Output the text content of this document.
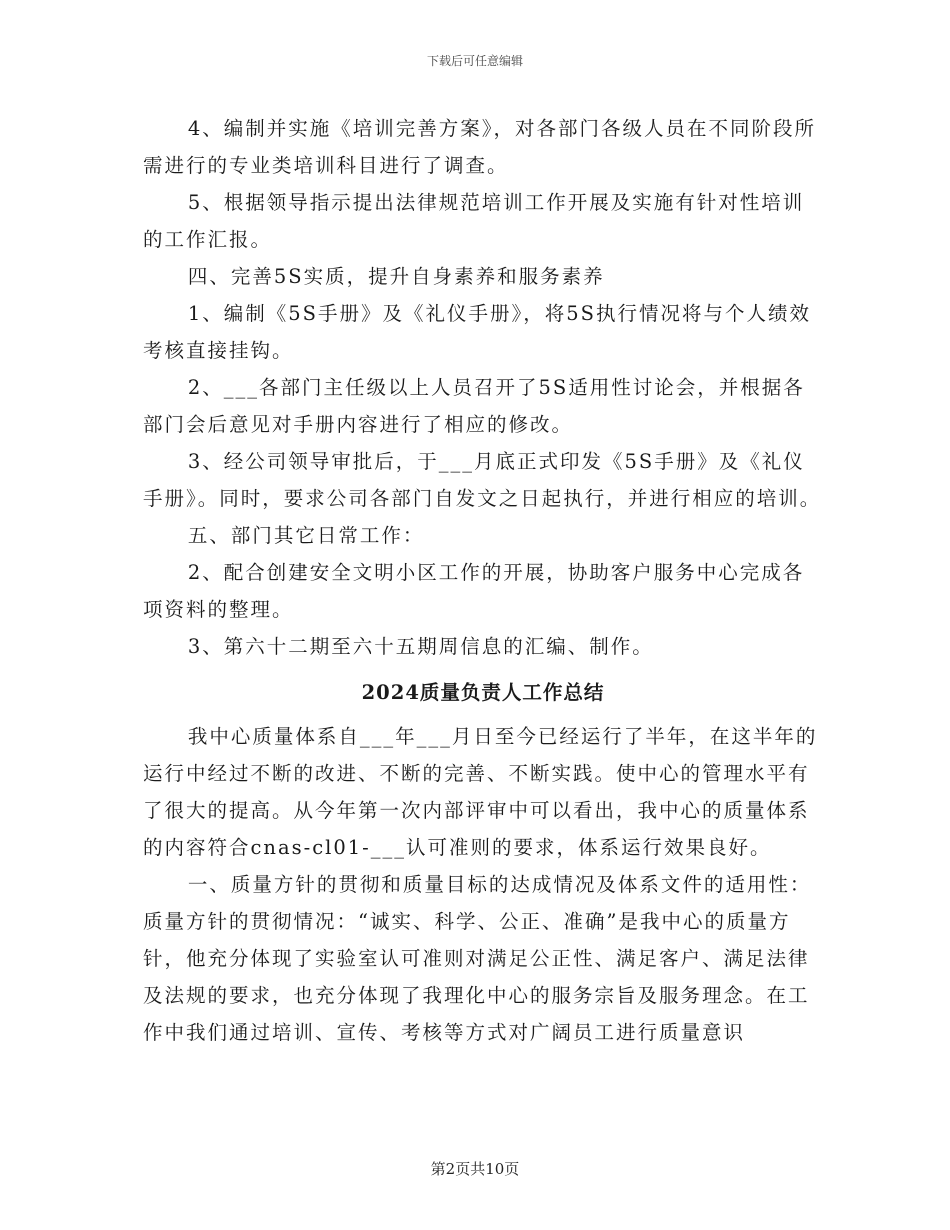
下载后可任意编辑

4、编制并实施《培训完善方案》，对各部门各级人员在不同阶段所需进行的专业类培训科目进行了调查。

5、根据领导指示提出法律规范培训工作开展及实施有针对性培训的工作汇报。

四、完善5S实质，提升自身素养和服务素养

1、编制《5S手册》及《礼仪手册》，将5S执行情况将与个人绩效考核直接挂钩。

2、___各部门主任级以上人员召开了5S适用性讨论会，并根据各部门会后意见对手册内容进行了相应的修改。

3、经公司领导审批后，于___月底正式印发《5S手册》及《礼仪手册》。同时，要求公司各部门自发文之日起执行，并进行相应的培训。

五、部门其它日常工作：

2、配合创建安全文明小区工作的开展，协助客户服务中心完成各项资料的整理。

3、第六十二期至六十五期周信息的汇编、制作。

2024质量负责人工作总结

我中心质量体系自___年___月日至今已经运行了半年，在这半年的运行中经过不断的改进、不断的完善、不断实践。使中心的管理水平有了很大的提高。从今年第一次内部评审中可以看出，我中心的质量体系的内容符合cnas-cl01-___认可准则的要求，体系运行效果良好。

一、质量方针的贯彻和质量目标的达成情况及体系文件的适用性：质量方针的贯彻情况：“诚实、科学、公正、准确”是我中心的质量方针，他充分体现了实验室认可准则对满足公正性、满足客户、满足法律及法规的要求，也充分体现了我理化中心的服务宗旨及服务理念。在工作中我们通过培训、宣传、考核等方式对广阔员工进行质量意识

第2页共10页
